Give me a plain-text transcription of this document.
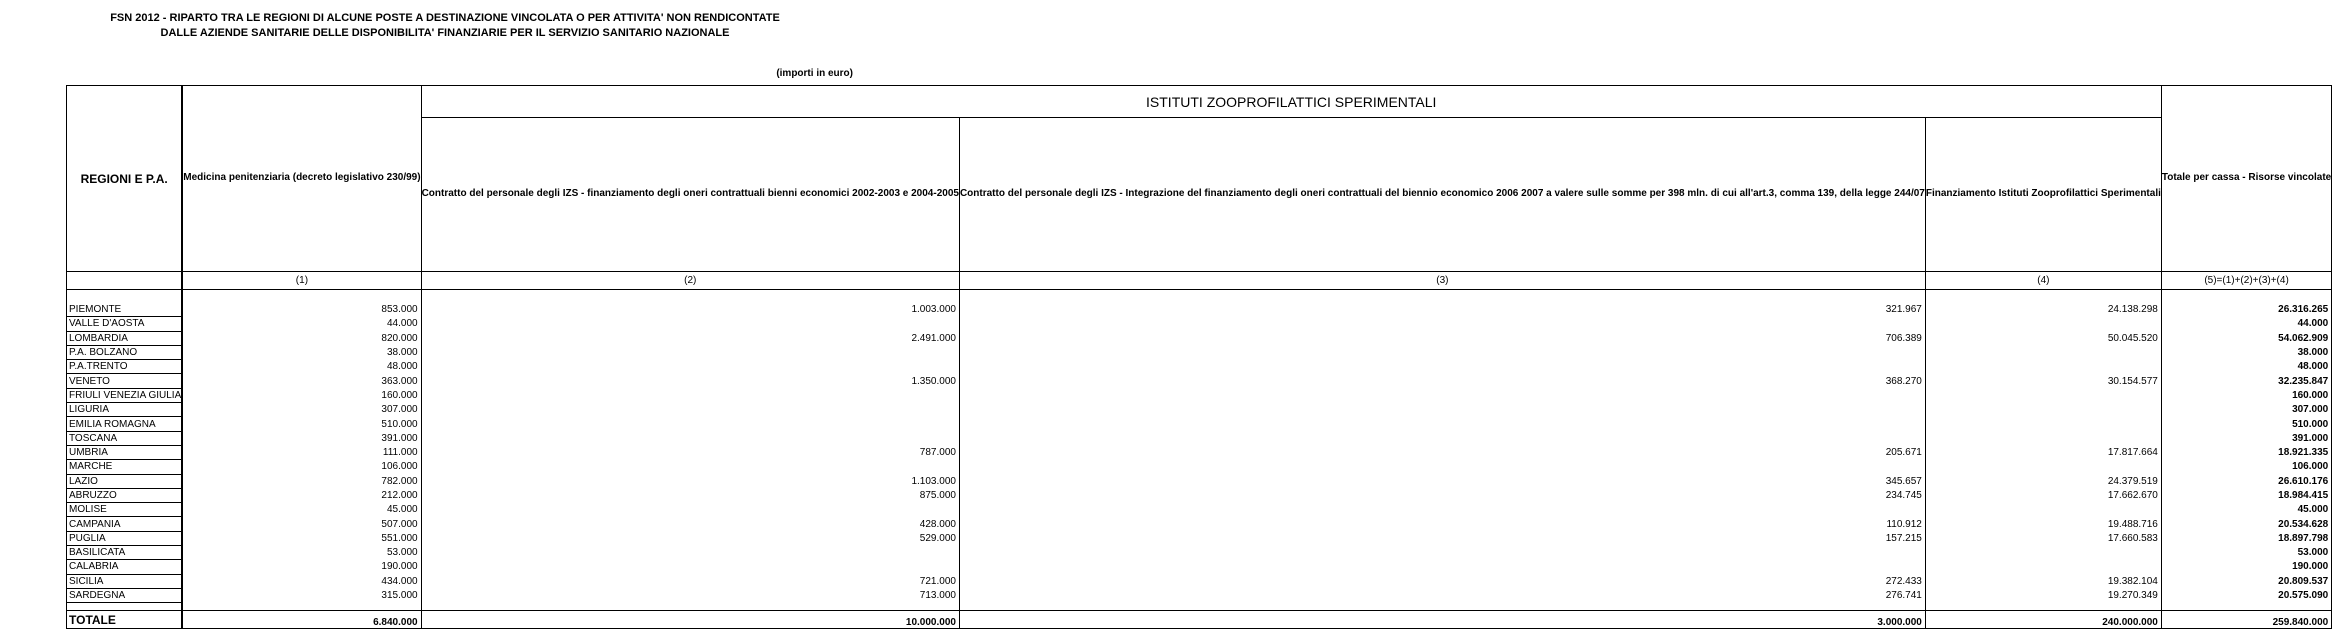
FSN 2012 - RIPARTO TRA LE REGIONI DI ALCUNE POSTE A DESTINAZIONE VINCOLATA O PER ATTIVITA' NON RENDICONTATE
DALLE AZIENDE SANITARIE DELLE DISPONIBILITA' FINANZIARIE PER IL SERVIZIO SANITARIO NAZIONALE
(importi in euro)
REGIONI E P.A.		Medicina penitenziaria (decreto legislativo 230/99)	ISTITUTI ZOOPROFILATTICI SPERIMENTALI			Totale per cassa - Risorse vincolate
		Contratto del personale degli IZS - finanziamento degli oneri contrattuali bienni economici 2002-2003 e 2004-2005	Contratto del personale degli IZS - Integrazione del finanziamento degli oneri contrattuali del biennio economico 2006 2007 a valere sulle somme per 398 mln. di cui all'art.3, comma 139, della legge 244/07	Finanziamento Istituti Zooprofilattici Sperimentali	
	(1)	(2)	(3)	(4)	(5)=(1)+(2)+(3)+(4)

PIEMONTE		853.000	1.003.000	321.967	24.138.298	26.316.265
VALLE D'AOSTA		44.000				44.000
LOMBARDIA		820.000	2.491.000	706.389	50.045.520	54.062.909
P.A. BOLZANO		38.000				38.000
P.A.TRENTO		48.000				48.000
VENETO		363.000	1.350.000	368.270	30.154.577	32.235.847
FRIULI VENEZIA GIULIA		160.000				160.000
LIGURIA		307.000				307.000
EMILIA ROMAGNA		510.000				510.000
TOSCANA		391.000				391.000
UMBRIA		111.000	787.000	205.671	17.817.664	18.921.335
MARCHE		106.000				106.000
LAZIO		782.000	1.103.000	345.657	24.379.519	26.610.176
ABRUZZO		212.000	875.000	234.745	17.662.670	18.984.415
MOLISE		45.000				45.000
CAMPANIA		507.000	428.000	110.912	19.488.716	20.534.628
PUGLIA		551.000	529.000	157.215	17.660.583	18.897.798
BASILICATA		53.000				53.000
CALABRIA		190.000				190.000
SICILIA		434.000	721.000	272.433	19.382.104	20.809.537
SARDEGNA		315.000	713.000	276.741	19.270.349	20.575.090

TOTALE		6.840.000	10.000.000	3.000.000	240.000.000	259.840.000
